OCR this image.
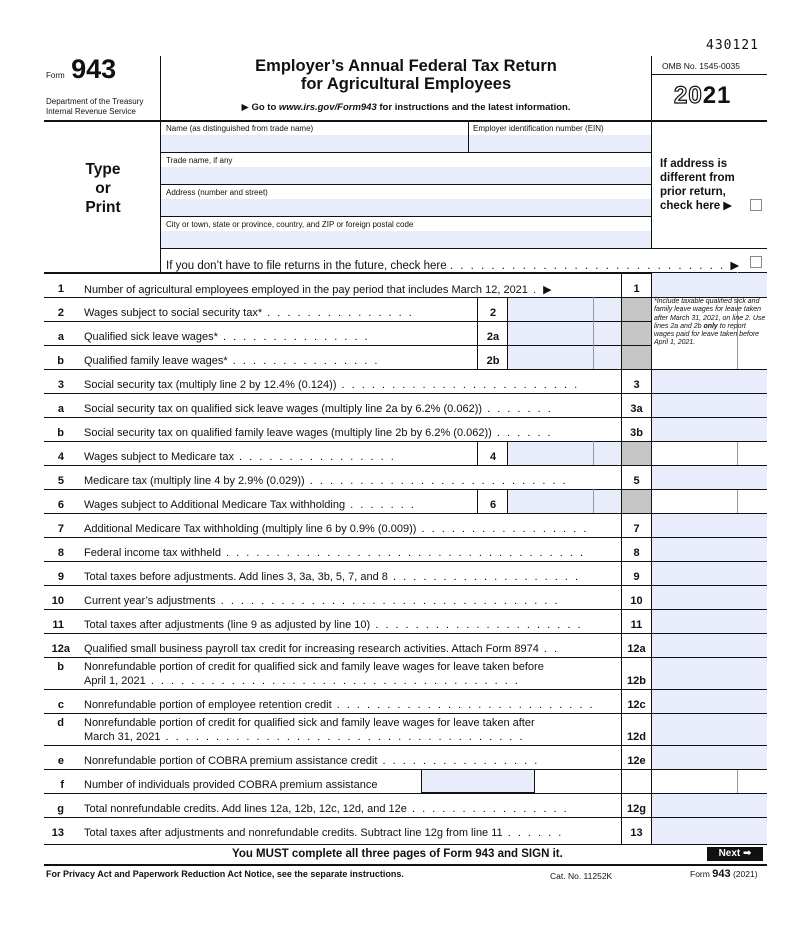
430121
Form 943
Department of the Treasury
Internal Revenue Service
Employer’s Annual Federal Tax Return
for Agricultural Employees
▶ Go to www.irs.gov/Form943 for instructions and the latest information.
OMB No. 1545-0035
2021
Type
or
Print
Name (as distinguished from trade name)	Employer identification number (EIN)
Trade name, if any
Address (number and street)
City or town, state or province, country, and ZIP or foreign postal code
If address is
different from
prior return,
check here ▶
If you don’t have to file returns in the future, check here . . . . . . . . . . . . . . . . . . . . . . . . . . . ▶
*Include taxable qualified sick and family leave wages for leave taken after March 31, 2021, on line 2. Use lines 2a and 2b only to report wages paid for leave taken before April 1, 2021.
1 Number of agricultural employees employed in the pay period that includes March 12, 2021 . ▶	1
2 Wages subject to social security tax* . . . . . . . . . . . . . . .	2
a Qualified sick leave wages* . . . . . . . . . . . . . . .	2a
b Qualified family leave wages* . . . . . . . . . . . . . . .	2b
3 Social security tax (multiply line 2 by 12.4% (0.124)) . . . . . . . . . . . . . . . . . . . . . . . .	3
a Social security tax on qualified sick leave wages (multiply line 2a by 6.2% (0.062)) . . . . . . .	3a
b Social security tax on qualified family leave wages (multiply line 2b by 6.2% (0.062)) . . . . . .	3b
4 Wages subject to Medicare tax . . . . . . . . . . . . . . . .	4
5 Medicare tax (multiply line 4 by 2.9% (0.029)) . . . . . . . . . . . . . . . . . . . . . . . . . .	5
6 Wages subject to Additional Medicare Tax withholding . . . . . . .	6
7 Additional Medicare Tax withholding (multiply line 6 by 0.9% (0.009)) . . . . . . . . . . . . . . . . .	7
8 Federal income tax withheld . . . . . . . . . . . . . . . . . . . . . . . . . . . . . . . . . . . .	8
9 Total taxes before adjustments. Add lines 3, 3a, 3b, 5, 7, and 8 . . . . . . . . . . . . . . . . . . .	9
10 Current year’s adjustments . . . . . . . . . . . . . . . . . . . . . . . . . . . . . . . . . .	10
11 Total taxes after adjustments (line 9 as adjusted by line 10) . . . . . . . . . . . . . . . . . . . . .	11
12a Qualified small business payroll tax credit for increasing research activities. Attach Form 8974 . .	12a
b Nonrefundable portion of credit for qualified sick and family leave wages for leave taken before
April 1, 2021 . . . . . . . . . . . . . . . . . . . . . . . . . . . . . . . . . . . . .	12b
c Nonrefundable portion of employee retention credit . . . . . . . . . . . . . . . . . . . . . . . . . .	12c
d Nonrefundable portion of credit for qualified sick and family leave wages for leave taken after
March 31, 2021 . . . . . . . . . . . . . . . . . . . . . . . . . . . . . . . . . . . .	12d
e Nonrefundable portion of COBRA premium assistance credit . . . . . . . . . . . . . . . .	12e
f Number of individuals provided COBRA premium assistance
g Total nonrefundable credits. Add lines 12a, 12b, 12c, 12d, and 12e . . . . . . . . . . . . . . . .	12g
13 Total taxes after adjustments and nonrefundable credits. Subtract line 12g from line 11 . . . . . .	13
You MUST complete all three pages of Form 943 and SIGN it.	Next ➡
For Privacy Act and Paperwork Reduction Act Notice, see the separate instructions.	Cat. No. 11252K	Form 943 (2021)
